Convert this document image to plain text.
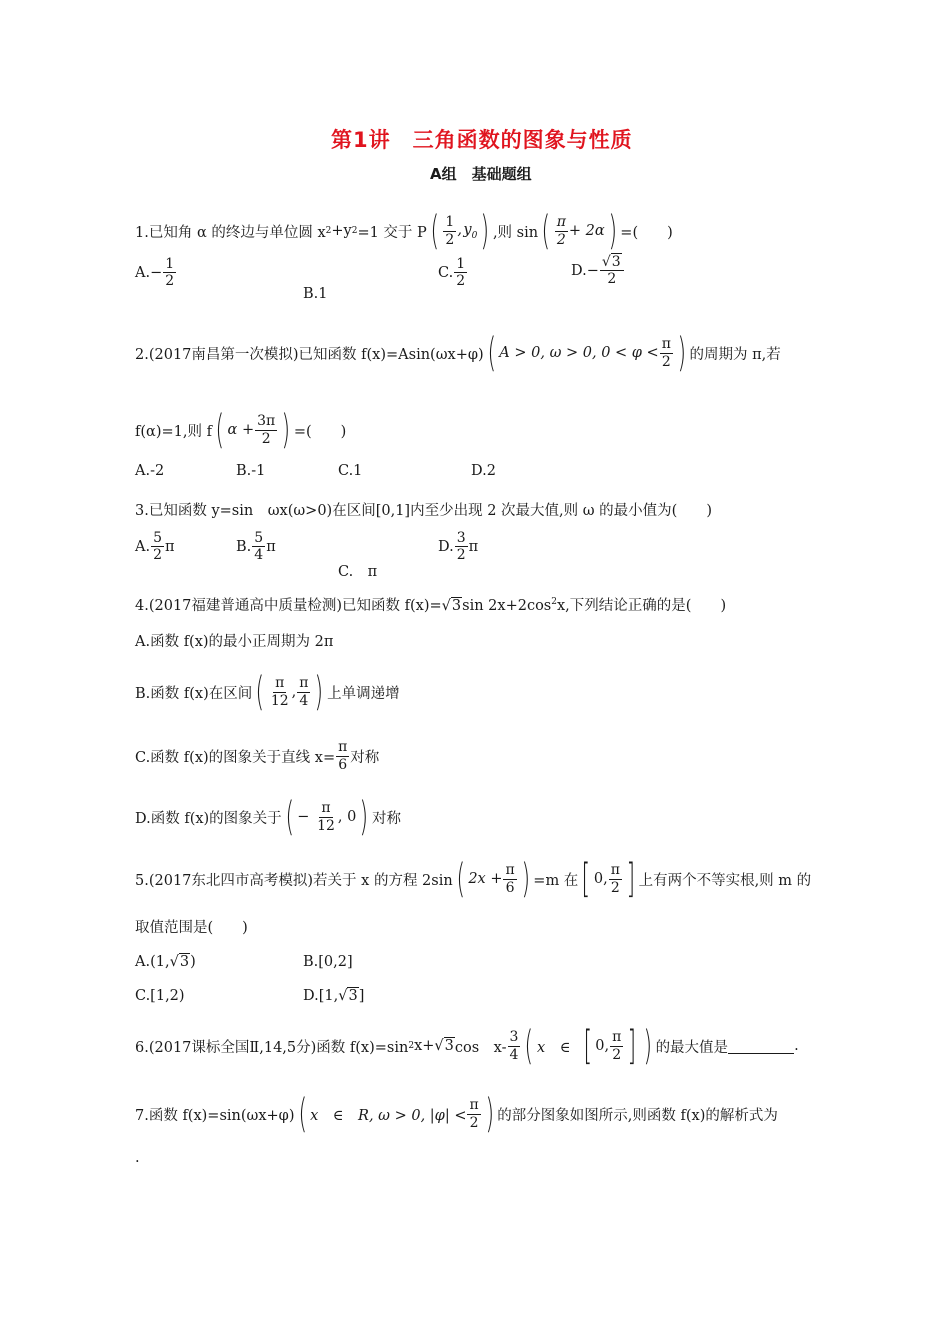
第1讲　三角函数的图象与性质
A组　基础题组
1.已知角 α 的终边与单位圆 x 2 +y 2 =1 交于 P ( $\frac{1}{2}$ , $y_0$ ) ,则 sin ( $\frac{\pi}{2} + 2\alpha$ ) =(　　)
A. − $\frac{1}{2}$
B.1
C. $\frac{1}{2}$	$D.- \frac{√3}{2}$
2.(2017南昌第一次模拟)已知函数 f(x)=Asin(ωx+φ) ( A > 0, ω > 0, $0 < \varphi < \frac{\pi}{2}$ ) 的周期为 π,若
f(α)=1,则 f ( $\alpha + \frac{3\pi}{2}$ ) =(　　)
A.-2	B.-1	C.1	D.2
3.已知函数 y=sin　ωx(ω>0)在区间[0,1]内至少出现 2 次最大值,则 ω 的最小值为(　　)
A. $\frac{5}{2}$ π	B. $\frac{5}{4}$ π
C.　π
D. $\frac{3}{2}$ π
4.(2017福建普通高中质量检测)已知函数 f(x)=√3sin $2x+2\cos^2x$,下列结论正确的是(　　)
A.函数 f(x)的最小正周期为 2π
B.函数 f(x)在区间 ( $\frac{\pi}{12}$ , $\frac{\pi}{4}$ ) 上单调递增
C.函数 f(x)的图象关于直线 $x= \frac{\pi}{6}$ 对称
D.函数 f(x)的图象关于 ( −
$\frac{\pi}{12}$ , 0 ) 对称
5.(2017东北四市高考模拟)若关于 x 的方程 2sin ( $2x + \frac{\pi}{6}$ ) =m 在 [ 0, $\frac{\pi}{2}$ ] 上有两个不等实根,则 m 的
取值范围是(　　)
A.(1,√3)	B.[0,2]
C.[1,2)	D.[1,√3]
6.(2017课标全国Ⅱ,14,5分)函数 f(x)=sin 2 x+ √ 3 cos　$x- \frac{3}{4}$ ( x　∈
[ 0, $\frac{\pi}{2}$ ] ) 的最大值是	.
7.函数 f(x)=sin(ωx+φ) ( x　∈　R, ω > 0, $|\varphi| < \frac{\pi}{2}$ ) 的部分图象如图所示,则函数 f(x)的解析式为
.
